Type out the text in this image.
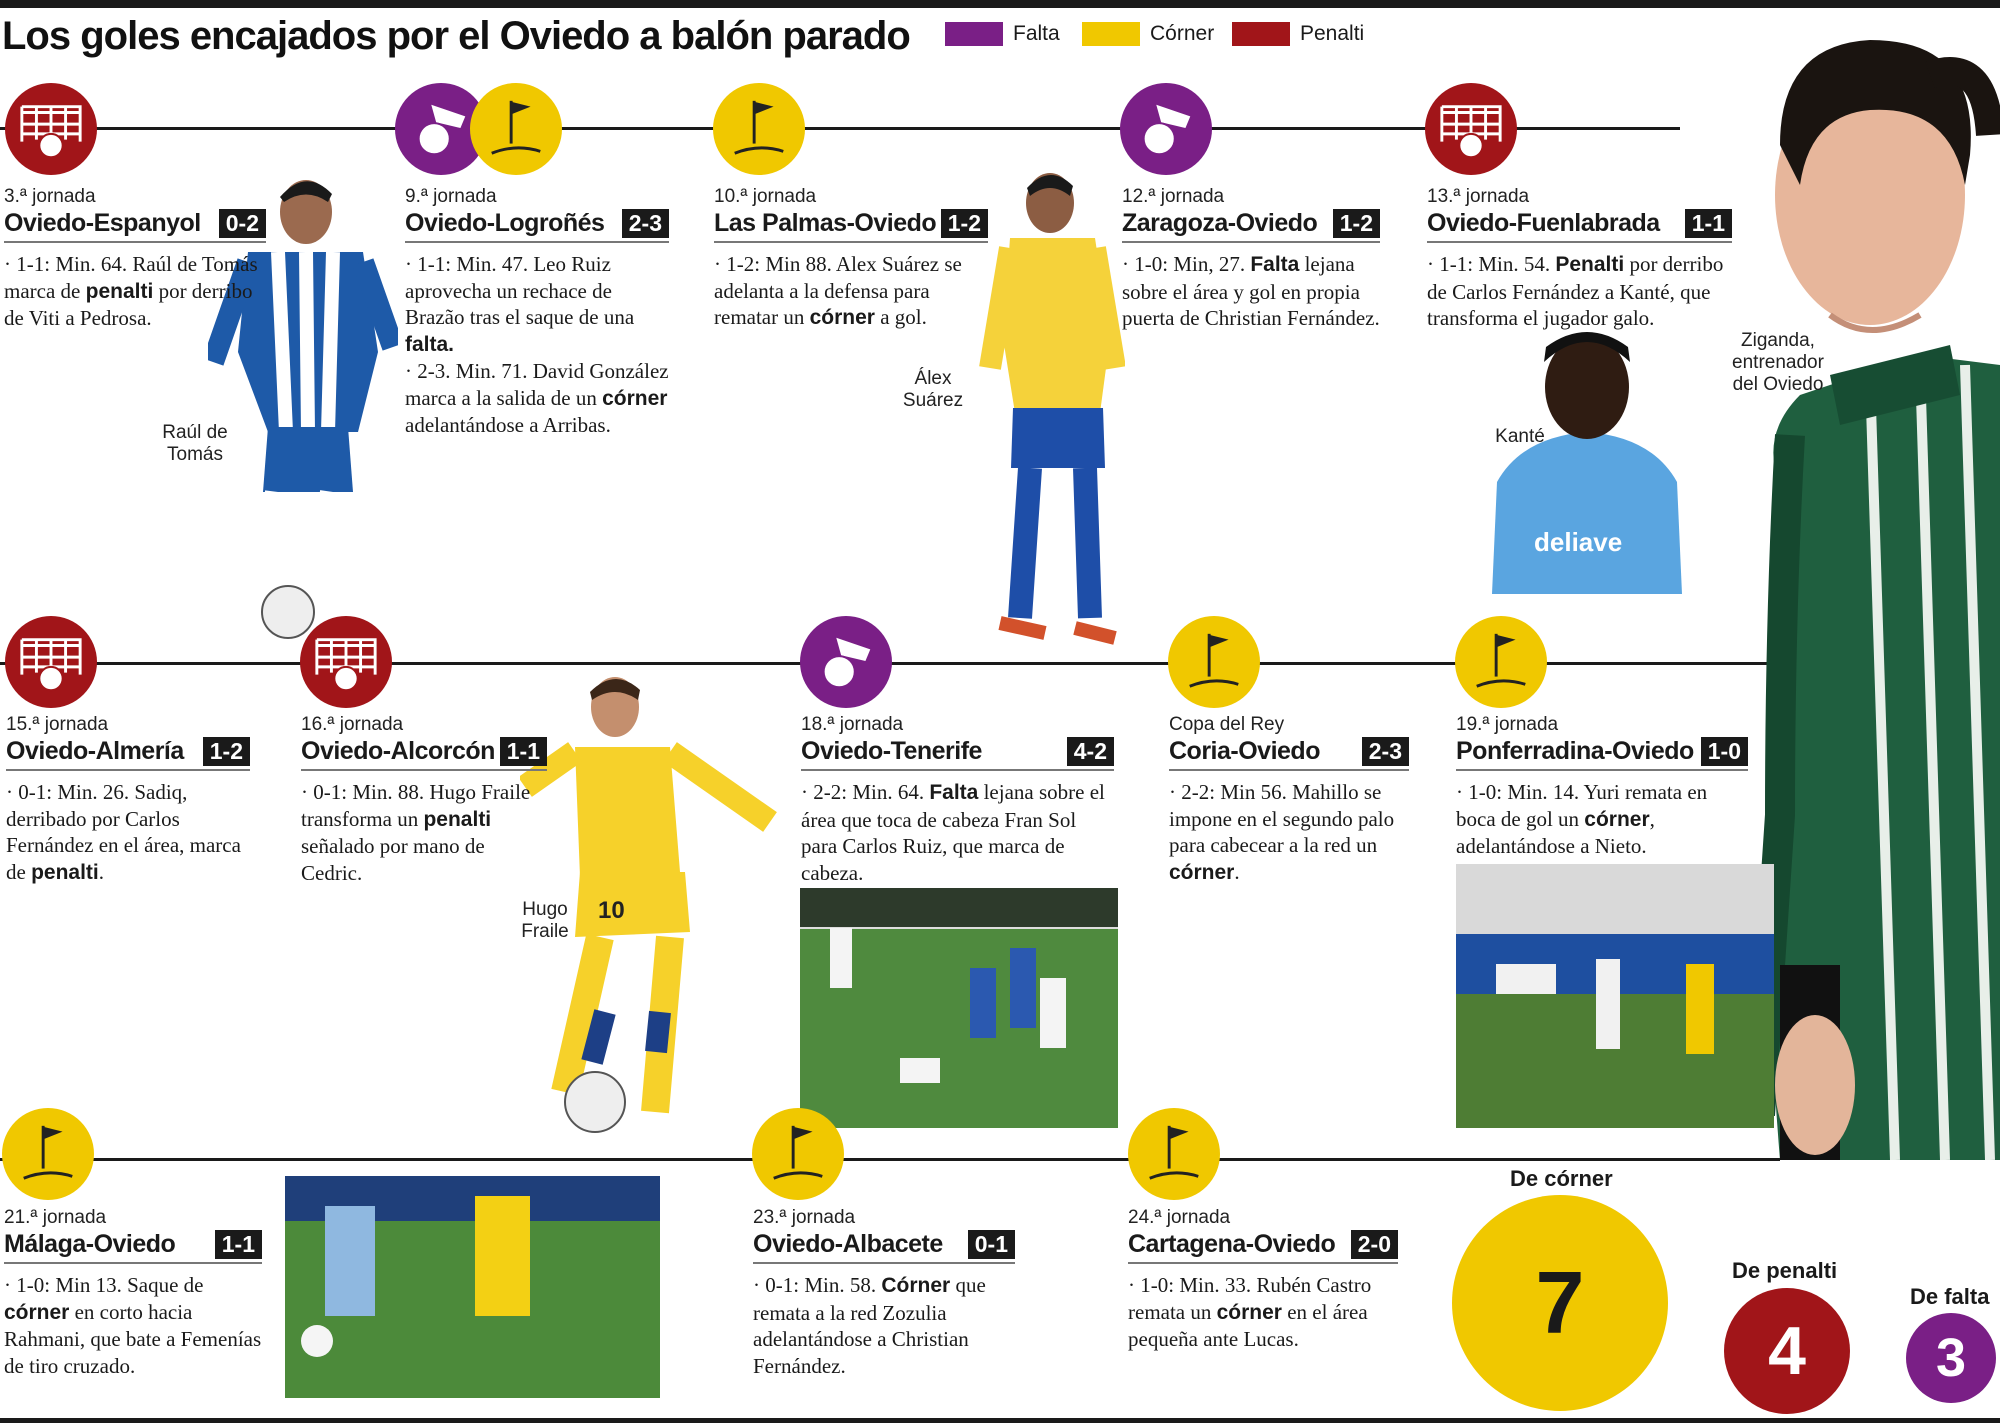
Los goles encajados por el Oviedo a balón parado	Falta	Córner	Penalti
deliave
10
3.ª jornada
Oviedo-Espanyol	0-2
· 1-1: Min. 64. Raúl de Tomás marca de penalti por derribo de Viti a Pedrosa.
9.ª jornada
Oviedo-Logroñés	2-3
· 1-1: Min. 47. Leo Ruiz aprovecha un rechace de Brazão tras el saque de una falta.
· 2-3. Min. 71. David González marca a la salida de un córner adelantándose a Arribas.
10.ª jornada
Las Palmas-Oviedo 1-2
· 1-2: Min 88. Alex Suárez se adelanta a la defensa para rematar un córner a gol.
12.ª jornada
Zaragoza-Oviedo 1-2
· 1-0: Min, 27. Falta lejana sobre el área y gol en propia puerta de Christian Fernández.
13.ª jornada
Oviedo-Fuenlabrada	1-1
· 1-1: Min. 54. Penalti por derribo de Carlos Fernández a Kanté, que transforma el jugador galo.
15.ª jornada
Oviedo-Almería	1-2
· 0-1: Min. 26. Sadiq, derribado por Carlos Fernández en el área, marca de penalti.
16.ª jornada
Oviedo-Alcorcón 1-1
· 0-1: Min. 88. Hugo Fraile transforma un penalti señalado por mano de Cedric.
18.ª jornada
Oviedo-Tenerife	4-2
· 2-2: Min. 64. Falta lejana sobre el área que toca de cabeza Fran Sol para Carlos Ruiz, que marca de cabeza.
Copa del Rey
Coria-Oviedo	2-3
· 2-2: Min 56. Mahillo se impone en el segundo palo para cabecear a la red un córner.
19.ª jornada
Ponferradina-Oviedo 1-0
· 1-0: Min. 14. Yuri remata en boca de gol un córner, adelantándose a Nieto.
21.ª jornada
Málaga-Oviedo	1-1
· 1-0: Min 13. Saque de córner en corto hacia Rahmani, que bate a Femenías de tiro cruzado.
23.ª jornada
Oviedo-Albacete	0-1
· 0-1: Min. 58. Córner que remata a la red Zozulia adelantándose a Christian Fernández.
24.ª jornada
Cartagena-Oviedo 2-0
· 1-0: Min. 33. Rubén Castro remata un córner en el área pequeña ante Lucas.
Raúl de
Tomás
Álex
Suárez
Kanté
Hugo
Fraile
Ziganda,
entrenador
del Oviedo
De córner
7	De penalti
4
De falta
3
